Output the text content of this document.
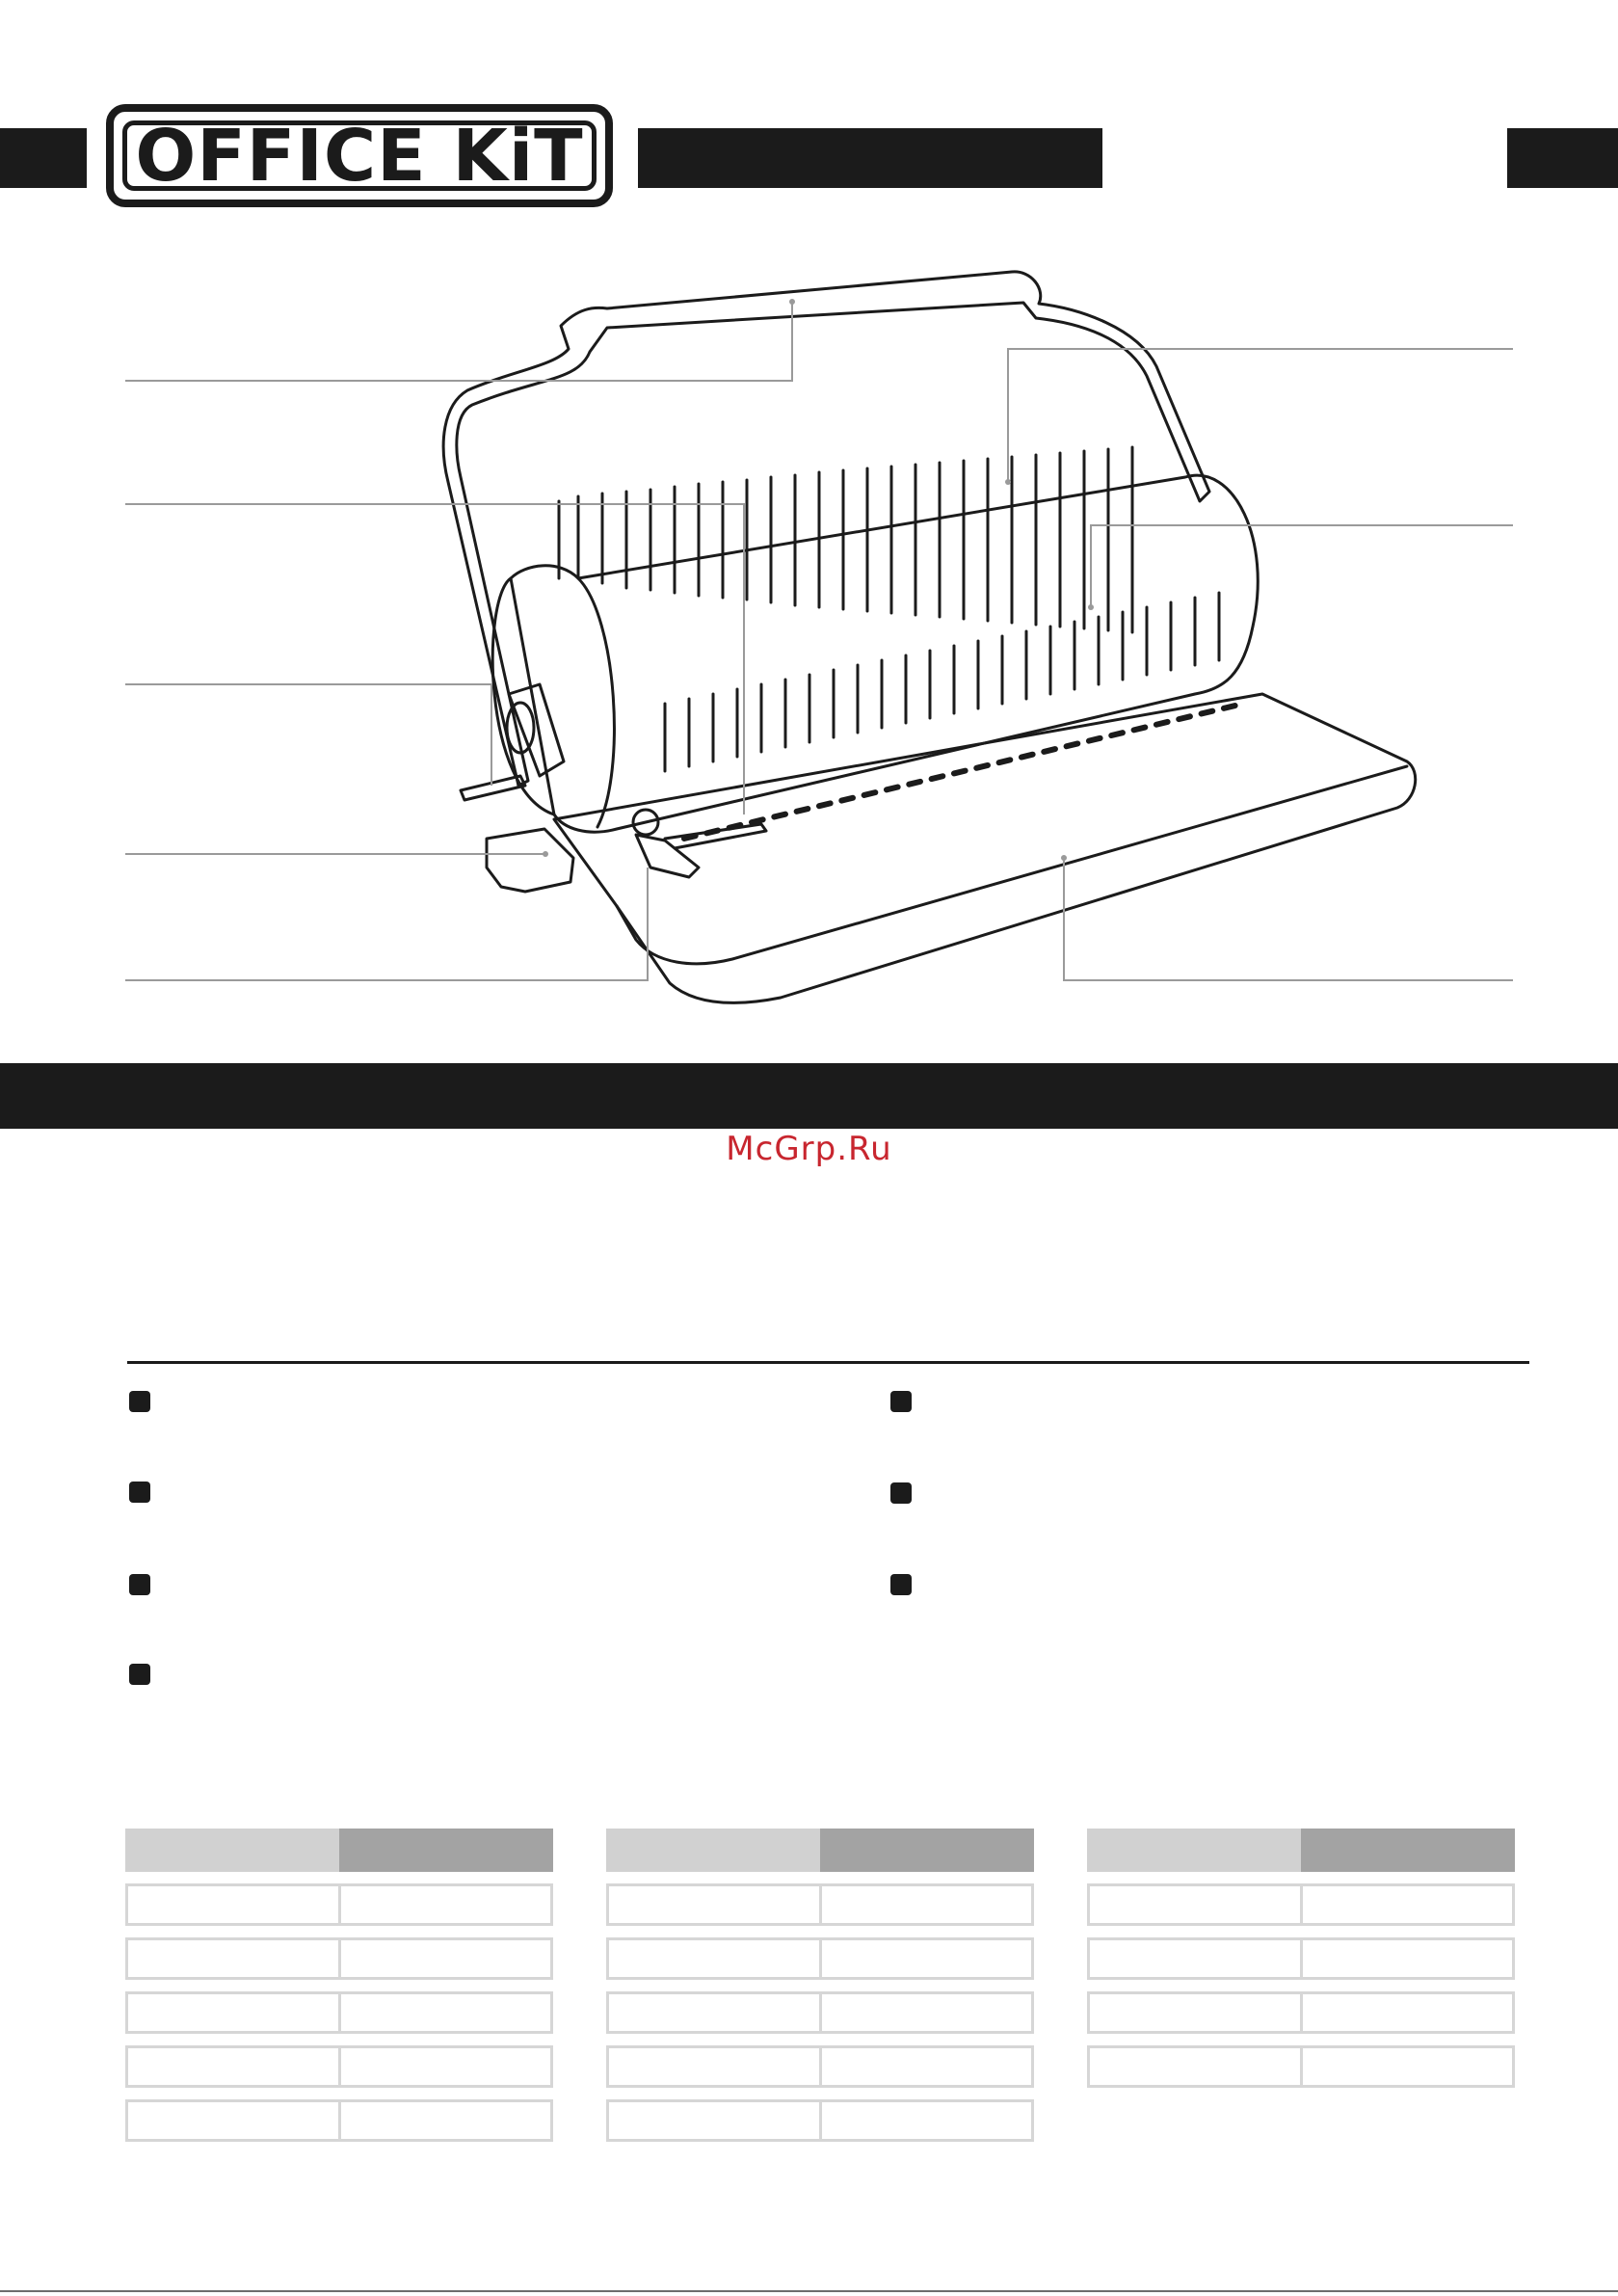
OFFICE KiT
McGrp.Ru
